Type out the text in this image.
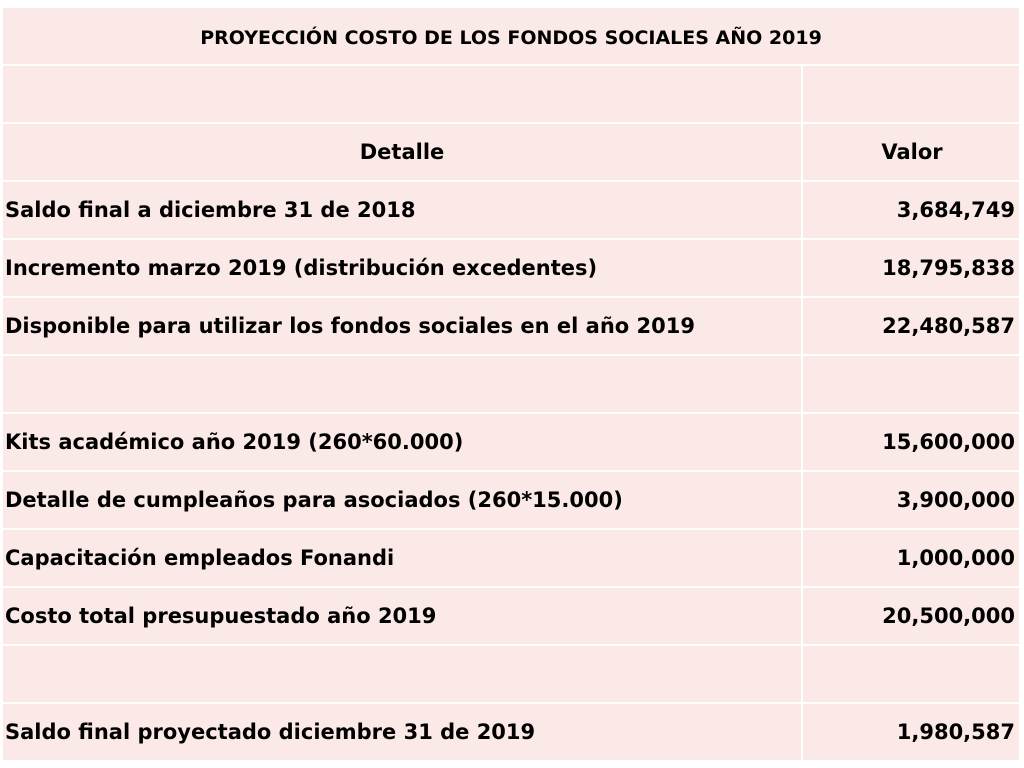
PROYECCIÓN COSTO DE LOS FONDOS SOCIALES AÑO 2019
Detalle	Valor
Saldo final a diciembre 31 de 2018	3,684,749
Incremento marzo 2019 (distribución excedentes)	18,795,838
Disponible para utilizar los fondos sociales en el año 2019	22,480,587
Kits académico año 2019 (260*60.000)	15,600,000
Detalle de cumpleaños para asociados (260*15.000)	3,900,000
Capacitación empleados Fonandi	1,000,000
Costo total presupuestado año 2019	20,500,000
Saldo final proyectado diciembre 31 de 2019	1,980,587
